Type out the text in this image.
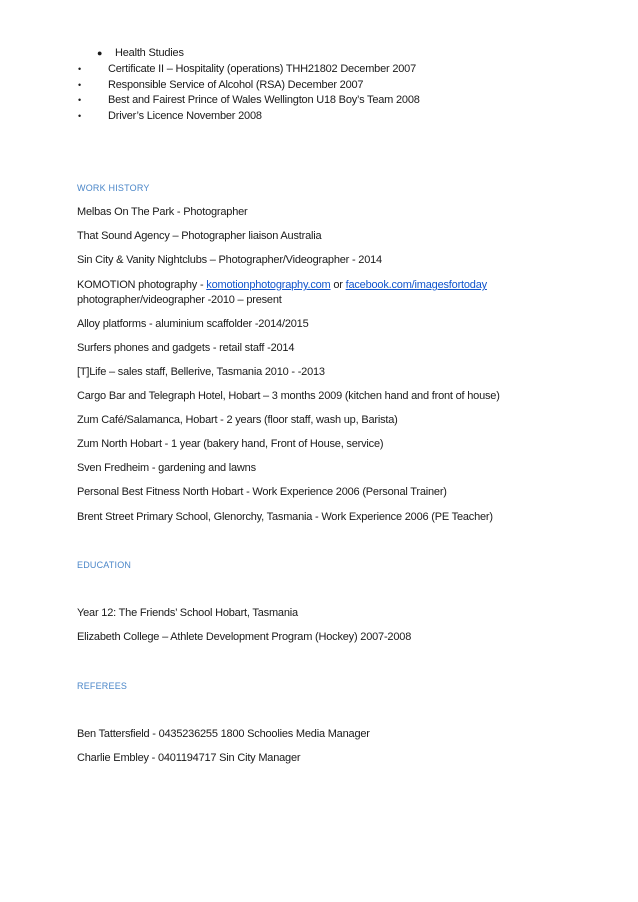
● Health Studies
• Certificate II – Hospitality (operations) THH21802 December 2007
• Responsible Service of Alcohol (RSA) December 2007
• Best and Fairest Prince of Wales Wellington U18 Boy’s Team 2008
• Driver’s Licence November 2008
WORK HISTORY
Melbas On The Park - Photographer
That Sound Agency – Photographer liaison Australia
Sin City & Vanity Nightclubs – Photographer/Videographer - 2014
KOMOTION photography - komotionphotography.com or facebook.com/imagesfortoday
photographer/videographer -2010 – present
Alloy platforms - aluminium scaffolder -2014/2015
Surfers phones and gadgets - retail staff -2014
[T]Life – sales staff, Bellerive, Tasmania 2010 - -2013
Cargo Bar and Telegraph Hotel, Hobart – 3 months 2009 (kitchen hand and front of house)
Zum Café/Salamanca, Hobart - 2 years (floor staff, wash up, Barista)
Zum North Hobart - 1 year (bakery hand, Front of House, service)
Sven Fredheim - gardening and lawns
Personal Best Fitness North Hobart - Work Experience 2006 (Personal Trainer)
Brent Street Primary School, Glenorchy, Tasmania - Work Experience 2006 (PE Teacher)
EDUCATION
Year 12: The Friends’ School Hobart, Tasmania
Elizabeth College – Athlete Development Program (Hockey) 2007-2008
REFEREES
Ben Tattersfield - 0435236255 1800 Schoolies Media Manager
Charlie Embley - 0401194717 Sin City Manager
